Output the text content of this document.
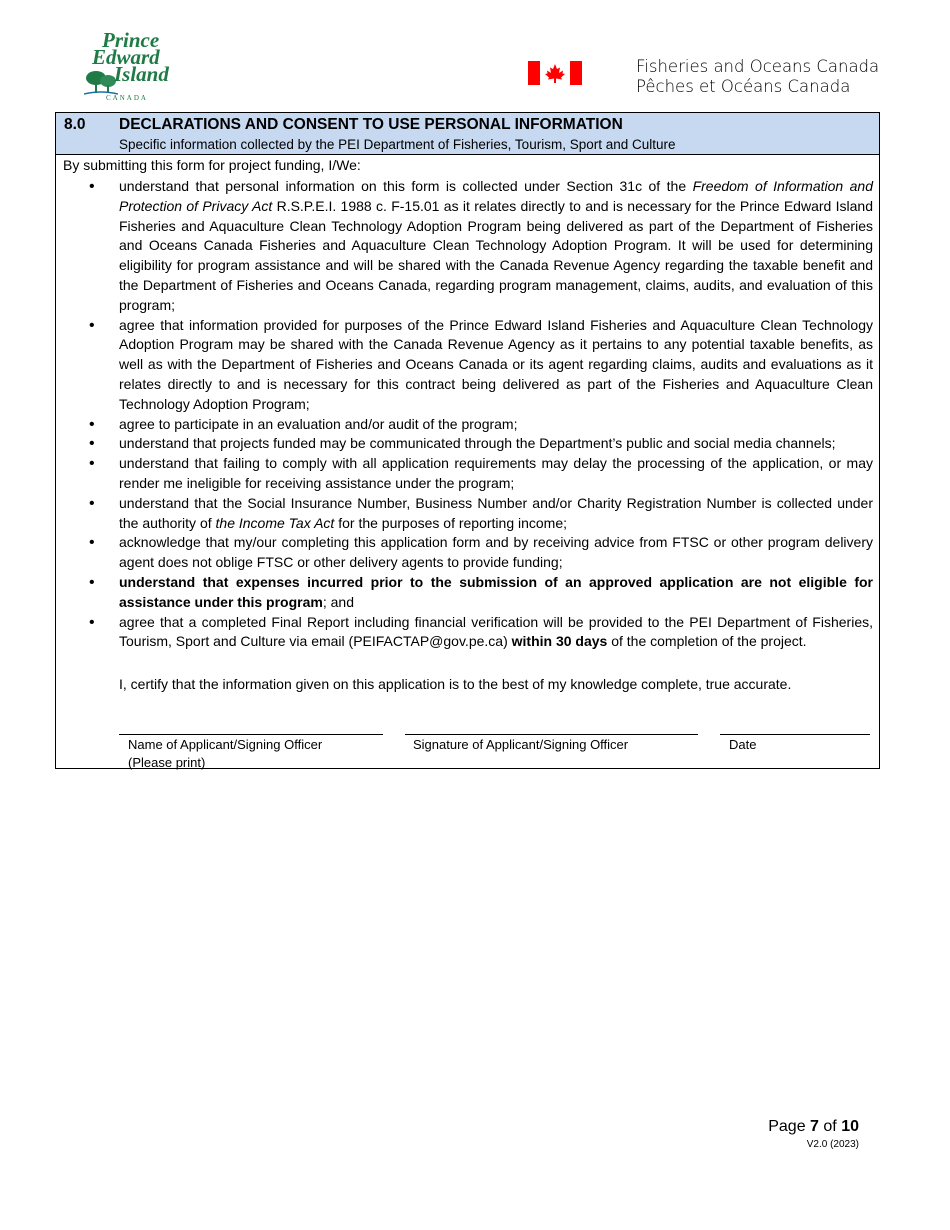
Prince
Edward
Island
CANADA
Fisheries and Oceans Canada
Pêches et Océans Canada
8.0 DECLARATIONS AND CONSENT TO USE PERSONAL INFORMATION
Specific information collected by the PEI Department of Fisheries, Tourism, Sport and Culture
By submitting this form for project funding, I/We:
• understand that personal information on this form is collected under Section 31c of the Freedom of Information and Protection of Privacy Act R.S.P.E.I. 1988 c. F-15.01 as it relates directly to and is necessary for the Prince Edward Island Fisheries and Aquaculture Clean Technology Adoption Program being delivered as part of the Department of Fisheries and Oceans Canada Fisheries and Aquaculture Clean Technology Adoption Program. It will be used for determining eligibility for program assistance and will be shared with the Canada Revenue Agency regarding the taxable benefit and the Department of Fisheries and Oceans Canada, regarding program management, claims, audits, and evaluation of this program;
• agree that information provided for purposes of the Prince Edward Island Fisheries and Aquaculture Clean Technology Adoption Program may be shared with the Canada Revenue Agency as it pertains to any potential taxable benefits, as well as with the Department of Fisheries and Oceans Canada or its agent regarding claims, audits and evaluations as it relates directly to and is necessary for this contract being delivered as part of the Fisheries and Aquaculture Clean Technology Adoption Program;
• agree to participate in an evaluation and/or audit of the program;
• understand that projects funded may be communicated through the Department’s public and social media channels;
• understand that failing to comply with all application requirements may delay the processing of the application, or may render me ineligible for receiving assistance under the program;
• understand that the Social Insurance Number, Business Number and/or Charity Registration Number is collected under the authority of the Income Tax Act for the purposes of reporting income;
• acknowledge that my/our completing this application form and by receiving advice from FTSC or other program delivery agent does not oblige FTSC or other delivery agents to provide funding;
• understand that expenses incurred prior to the submission of an approved application are not eligible for assistance under this program; and
• agree that a completed Final Report including financial verification will be provided to the PEI Department of Fisheries, Tourism, Sport and Culture via email (PEIFACTAP@gov.pe.ca) within 30 days of the completion of the project.
I, certify that the information given on this application is to the best of my knowledge complete, true accurate.
Name of Applicant/Signing Officer
(Please print)
Signature of Applicant/Signing Officer	Date
Page 7 of 10
V2.0 (2023)
